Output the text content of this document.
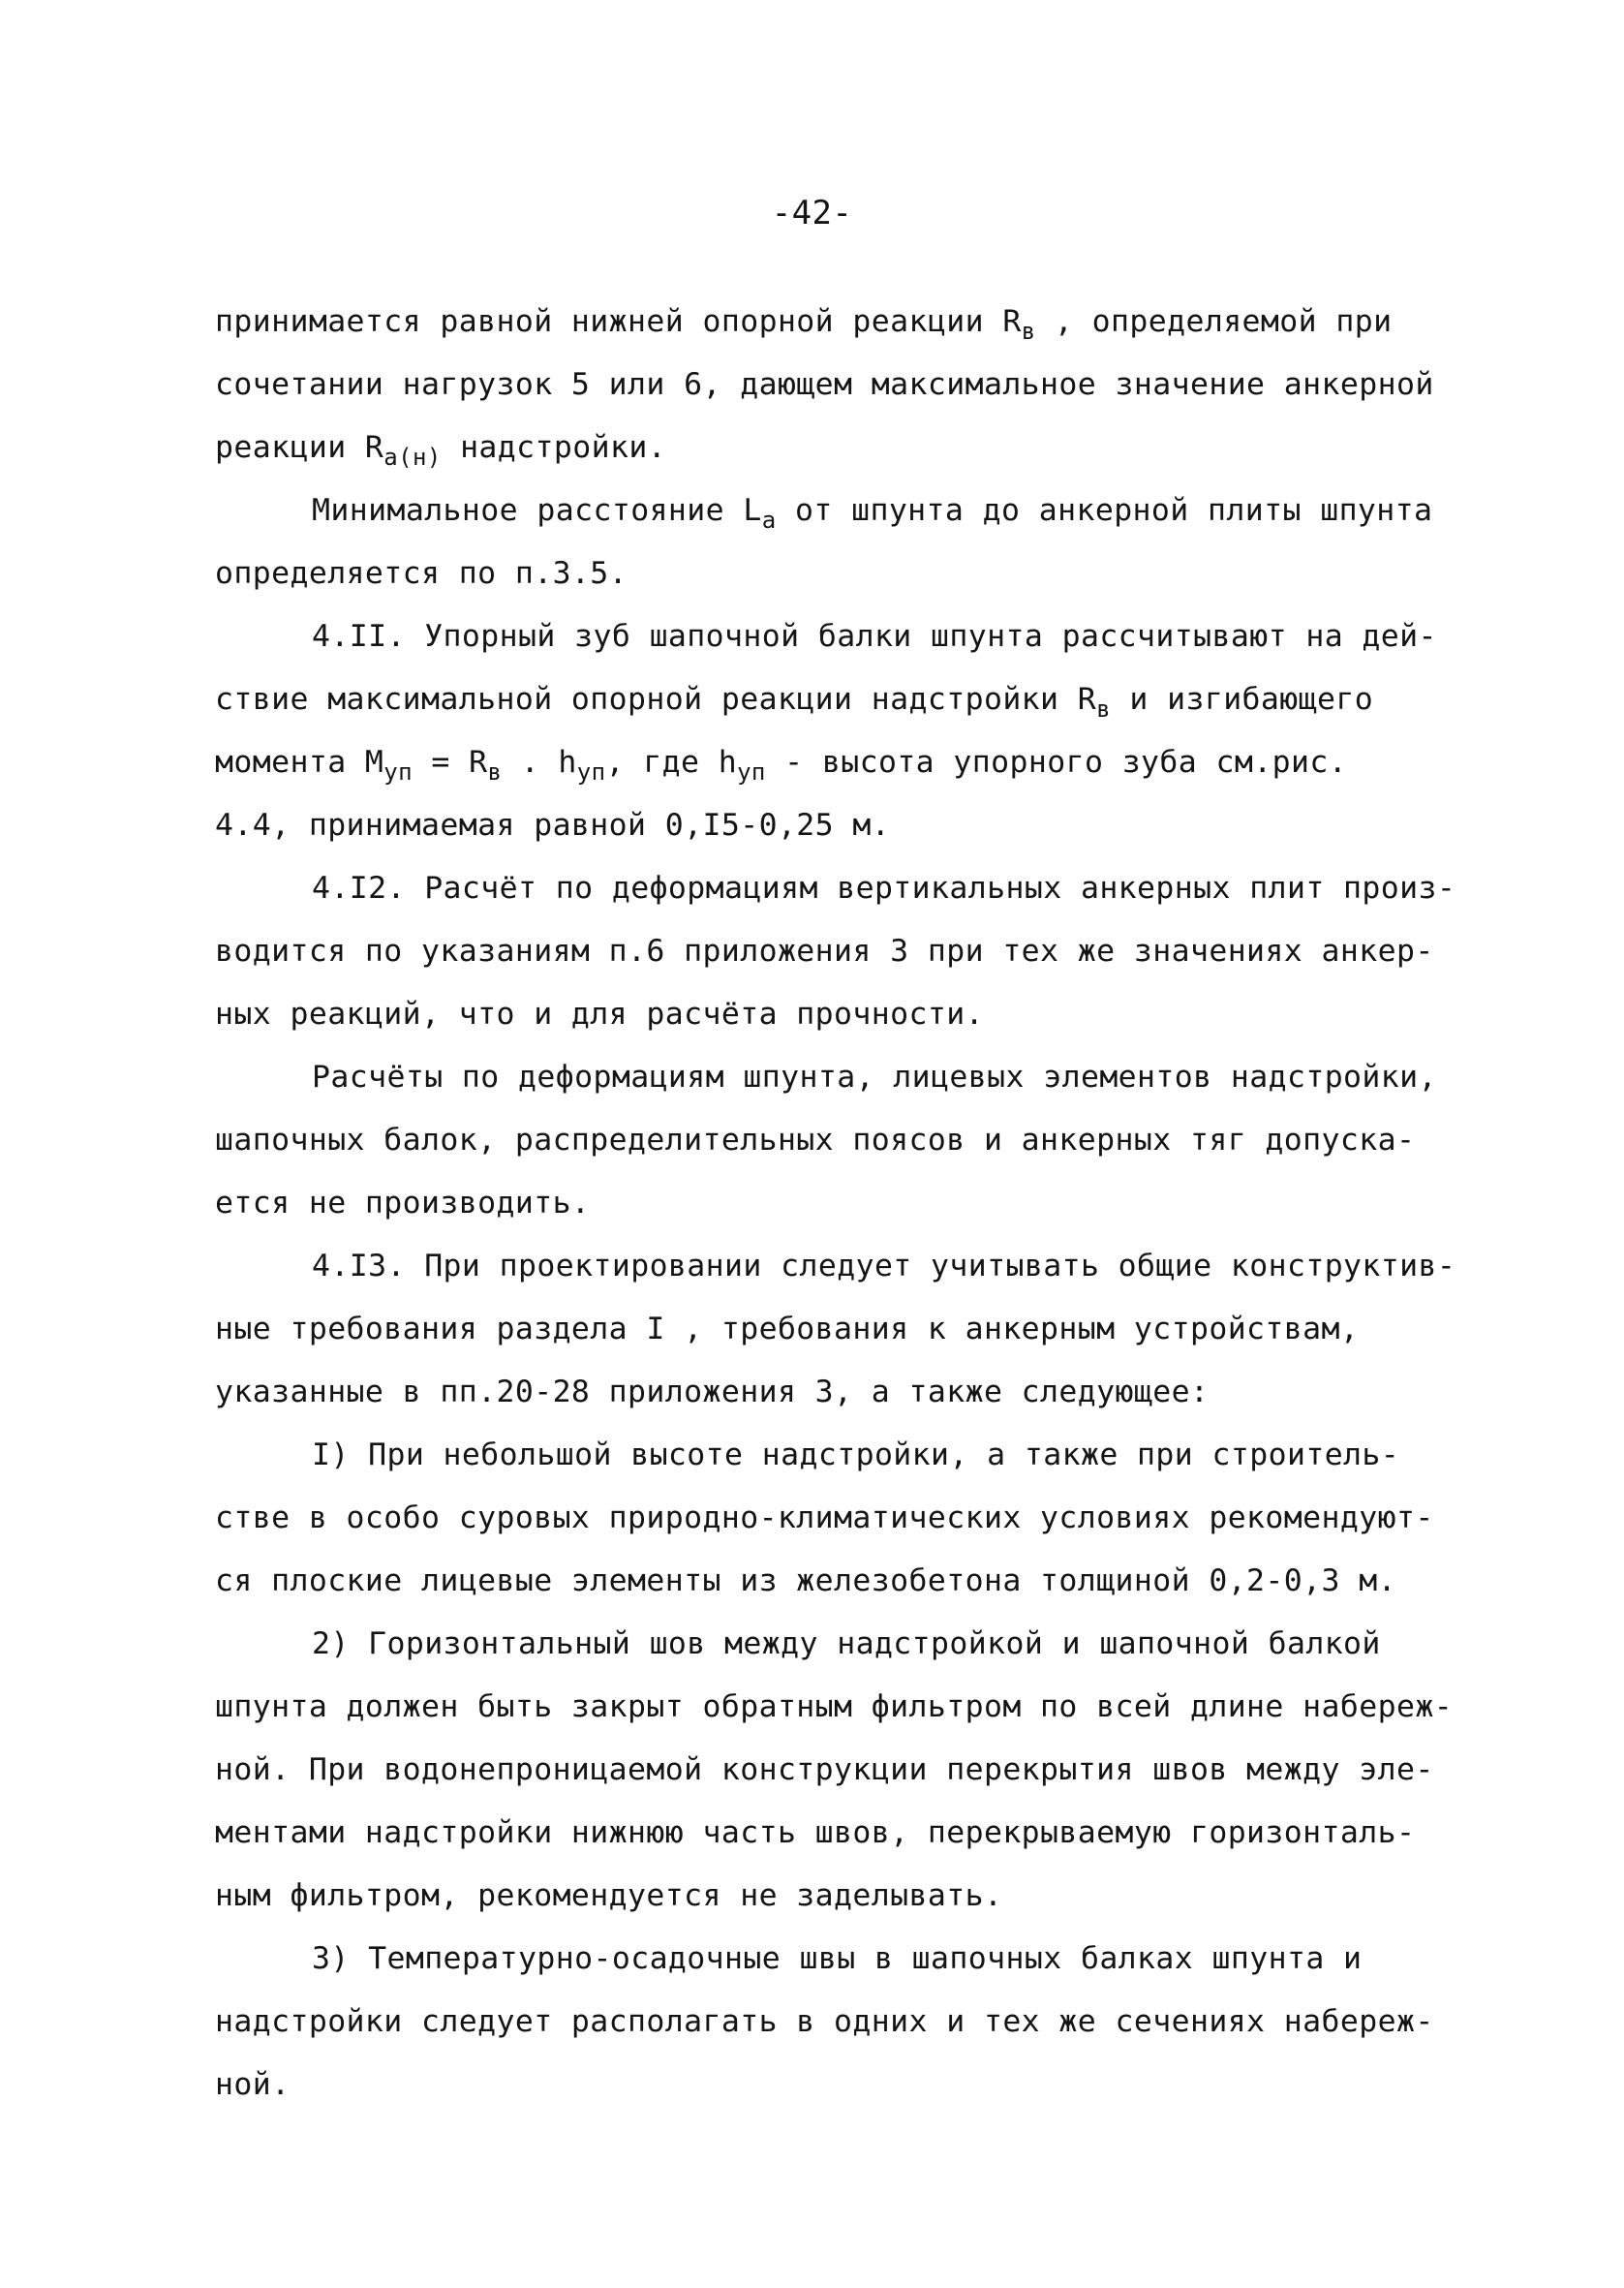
-42-
принимается равной нижней опорной реакции $R_в$ , определяемой при
сочетании нагрузок 5 или 6, дающем максимальное значение анкерной
реакции $R_{а(н)}$ надстройки.
Минимальное расстояние $L_а$ от шпунта до анкерной плиты шпунта
определяется по п.3.5.
4.II. Упорный зуб шапочной балки шпунта рассчитывают на дей-
ствие максимальной опорной реакции надстройки $R_в$ и изгибающего
момента $М_{уп} = R_в$ . $h_{уп}$, где $h_{уп}$ - высота упорного зуба см.рис.
4.4, принимаемая равной 0,I5-0,25 м.
4.I2. Расчёт по деформациям вертикальных анкерных плит произ-
водится по указаниям п.6 приложения 3 при тех же значениях анкер-
ных реакций, что и для расчёта прочности.
Расчёты по деформациям шпунта, лицевых элементов надстройки,
шапочных балок, распределительных поясов и анкерных тяг допуска-
ется не производить.
4.I3. При проектировании следует учитывать общие конструктив-
ные требования раздела I , требования к анкерным устройствам,
указанные в пп.20-28 приложения 3, а также следующее:
I) При небольшой высоте надстройки, а также при строитель-
стве в особо суровых природно-климатических условиях рекомендуют-
ся плоские лицевые элементы из железобетона толщиной 0,2-0,3 м.
2) Горизонтальный шов между надстройкой и шапочной балкой
шпунта должен быть закрыт обратным фильтром по всей длине набереж-
ной. При водонепроницаемой конструкции перекрытия швов между эле-
ментами надстройки нижнюю часть швов, перекрываемую горизонталь-
ным фильтром, рекомендуется не заделывать.
3) Температурно-осадочные швы в шапочных балках шпунта и
надстройки следует располагать в одних и тех же сечениях набереж-
ной.
